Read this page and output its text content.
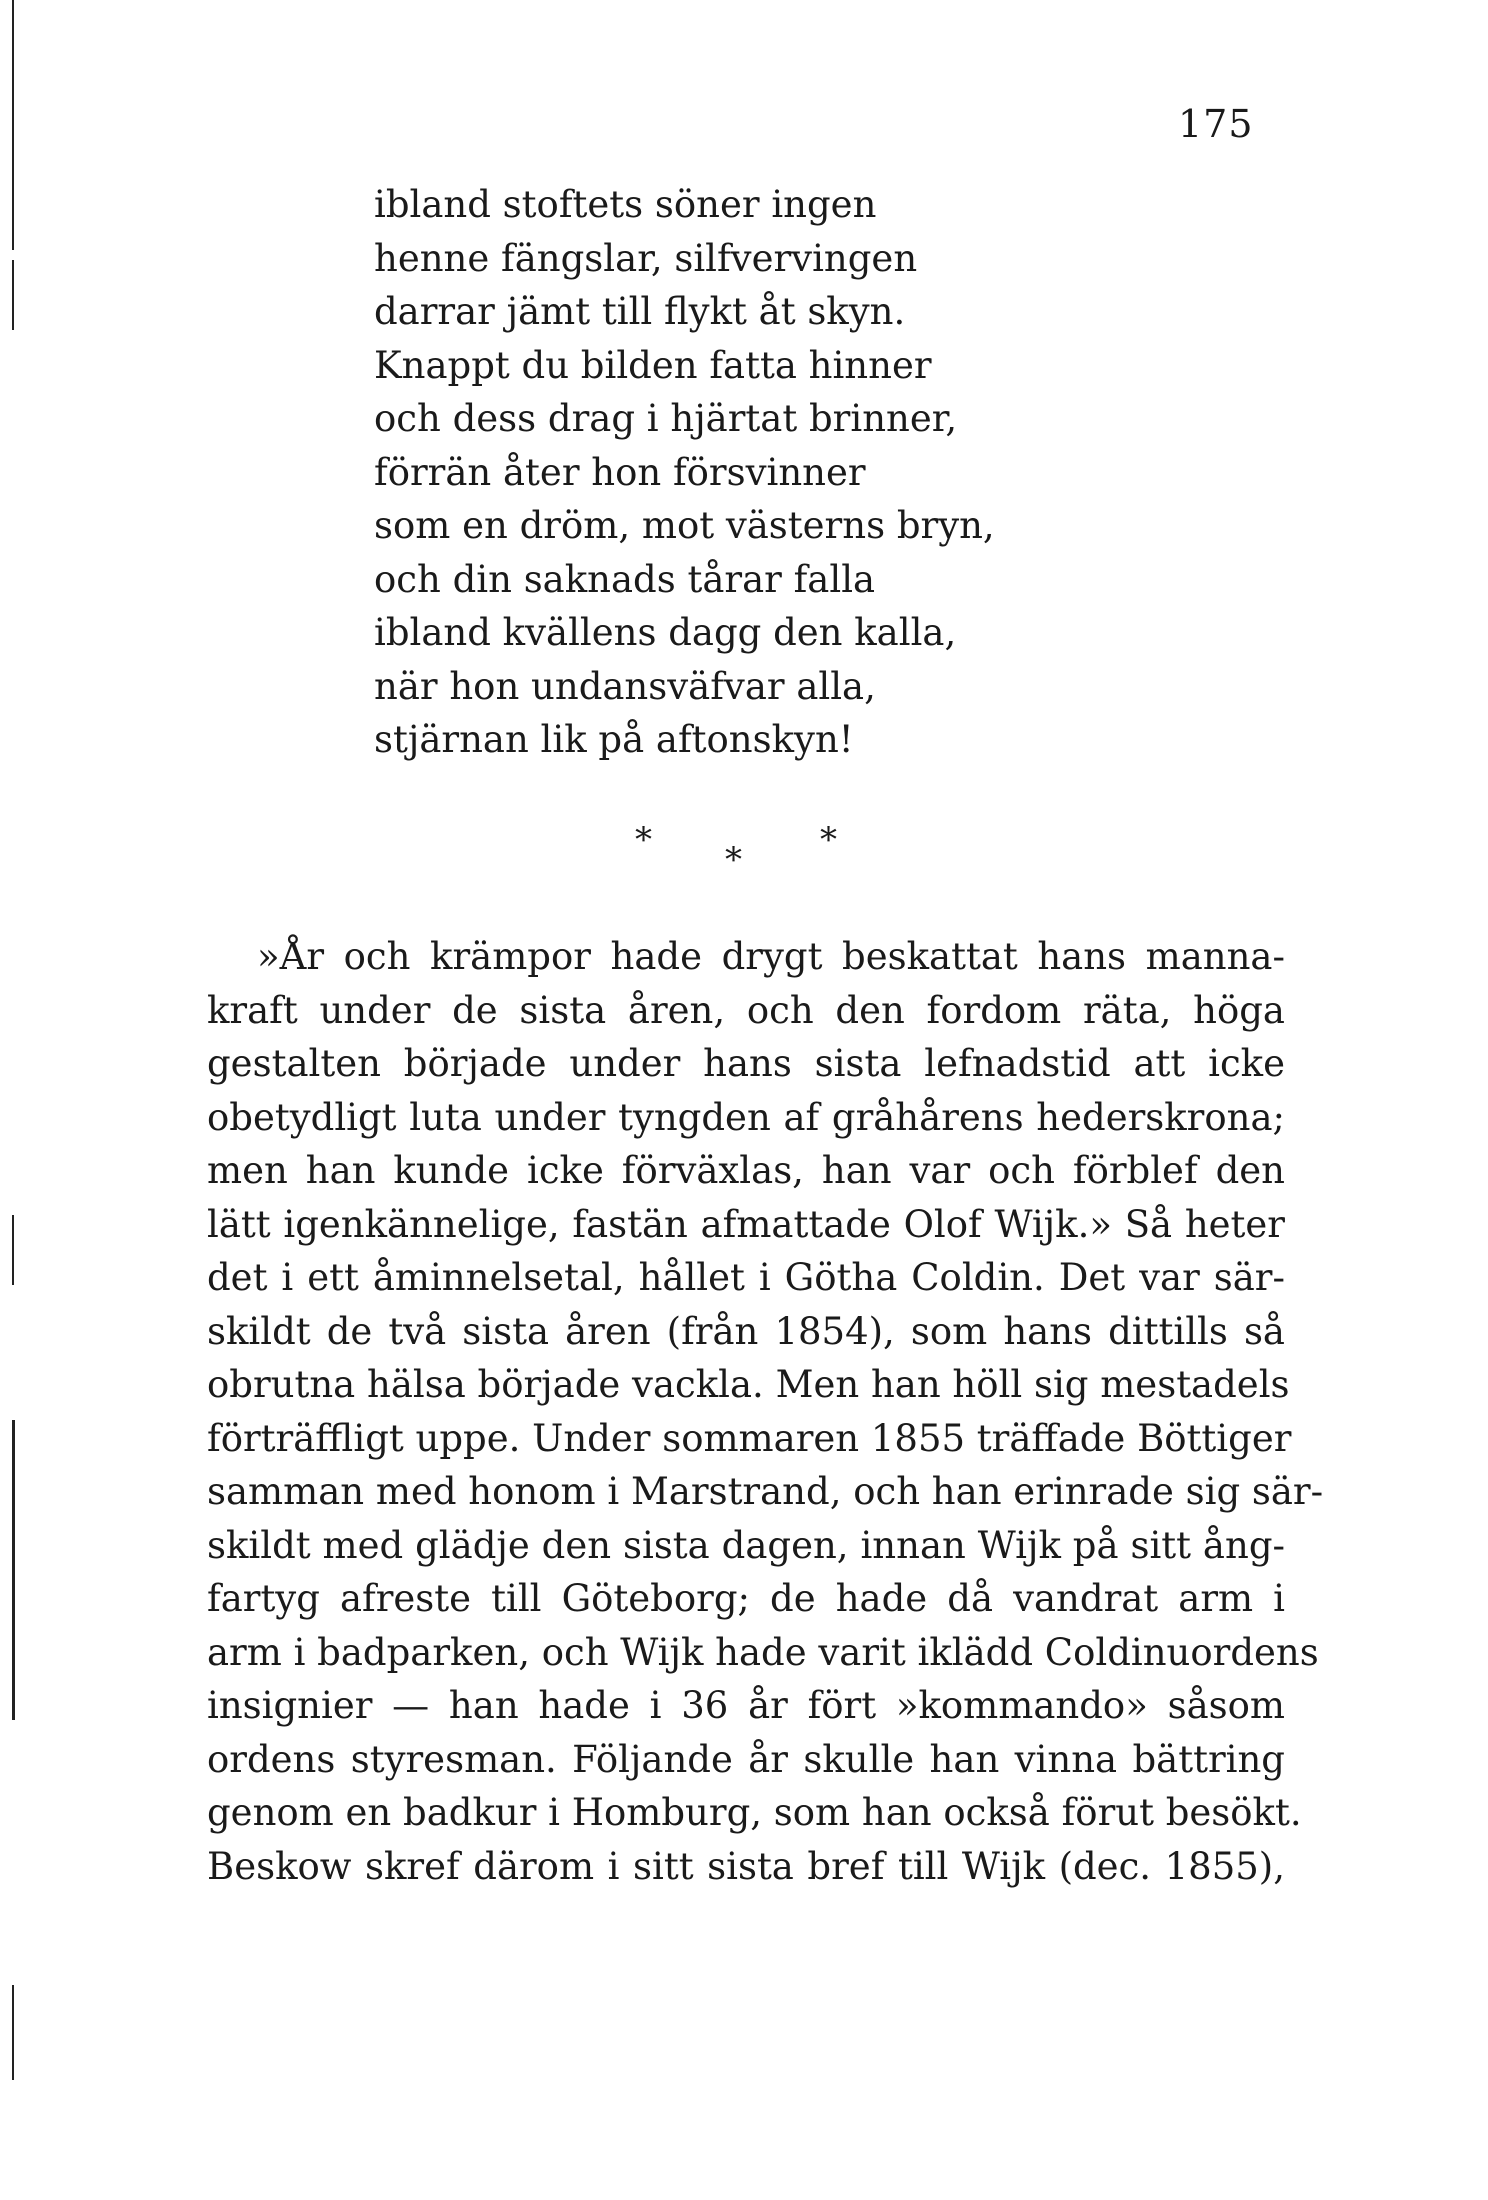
175
ibland stoftets söner ingen
henne fängslar, silfvervingen
darrar jämt till flykt åt skyn.
Knappt du bilden fatta hinner
och dess drag i hjärtat brinner,
förrän åter hon försvinner
som en dröm, mot västerns bryn,
och din saknads tårar falla
ibland kvällens dagg den kalla,
när hon undansväfvar alla,
stjärnan lik på aftonskyn!
* * *
»År och krämpor hade drygt beskattat hans manna-
kraft under de sista åren, och den fordom räta, höga
gestalten började under hans sista lefnadstid att icke
obetydligt luta under tyngden af gråhårens hederskrona;
men han kunde icke förväxlas, han var och förblef den
lätt igenkännelige, fastän afmattade Olof Wijk.» Så heter
det i ett åminnelsetal, hållet i Götha Coldin. Det var sär-
skildt de två sista åren (från 1854), som hans dittills så
obrutna hälsa började vackla. Men han höll sig mestadels
förträffligt uppe. Under sommaren 1855 träffade Böttiger
samman med honom i Marstrand, och han erinrade sig sär-
skildt med glädje den sista dagen, innan Wijk på sitt ång-
fartyg afreste till Göteborg; de hade då vandrat arm i
arm i badparken, och Wijk hade varit iklädd Coldinuordens
insignier — han hade i 36 år fört »kommando» såsom
ordens styresman. Följande år skulle han vinna bättring
genom en badkur i Homburg, som han också förut besökt.
Beskow skref därom i sitt sista bref till Wijk (dec. 1855),
